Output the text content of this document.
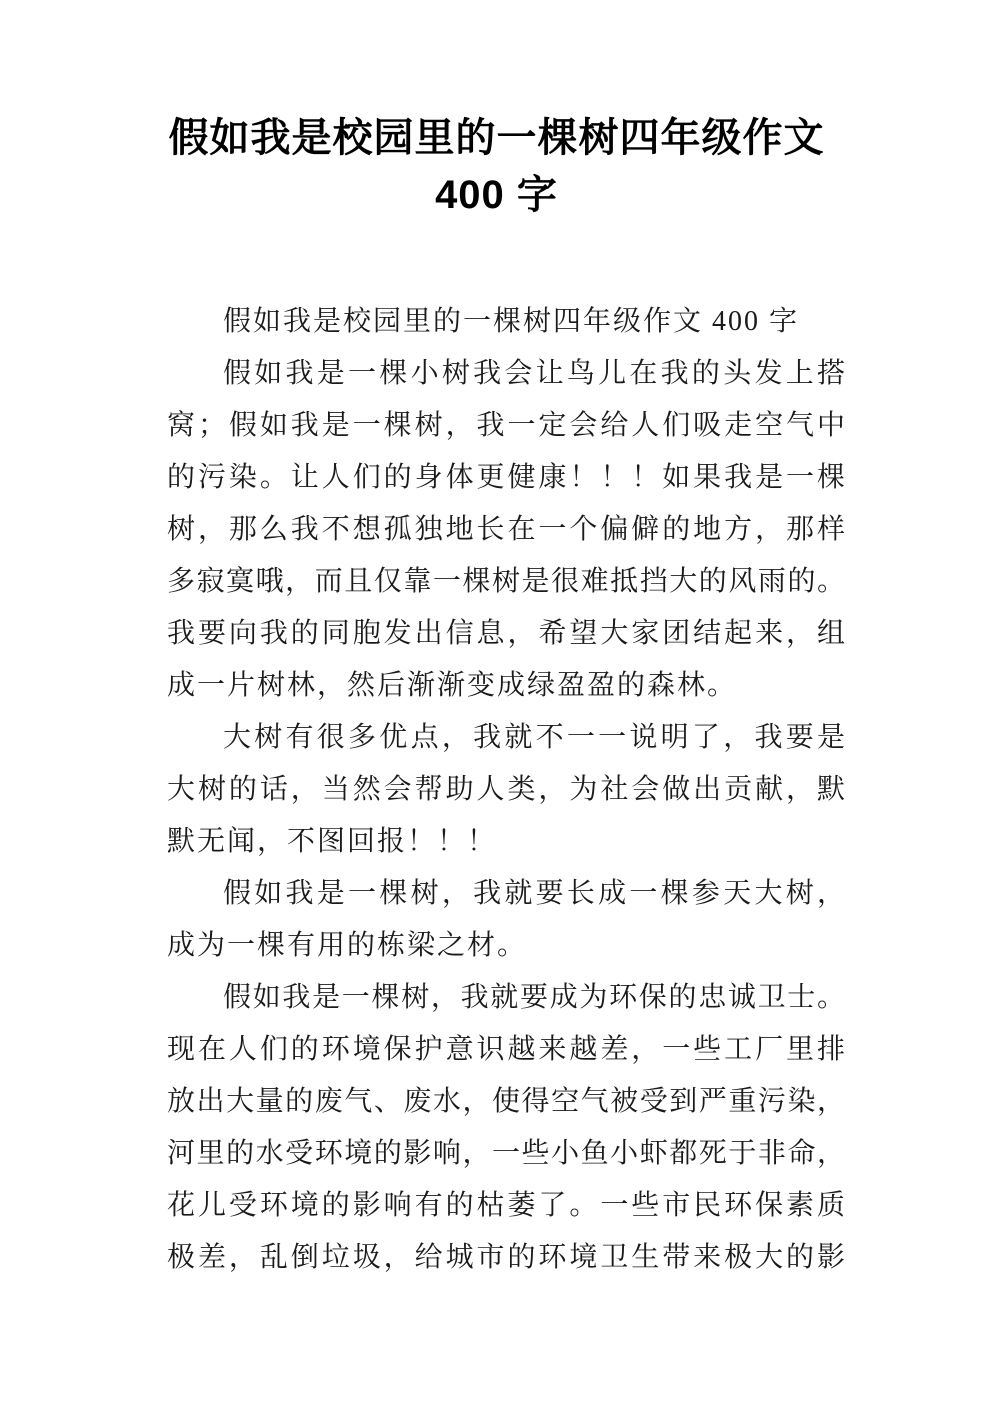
假如我是校园里的一棵树四年级作文
400 字
假如我是校园里的一棵树四年级作文 400 字
假如我是一棵小树我会让鸟儿在我的头发上搭
窝；假如我是一棵树，我一定会给人们吸走空气中
的污染。让人们的身体更健康！！！如果我是一棵
树，那么我不想孤独地长在一个偏僻的地方，那样
多寂寞哦，而且仅靠一棵树是很难抵挡大的风雨的。
我要向我的同胞发出信息，希望大家团结起来，组
成一片树林，然后渐渐变成绿盈盈的森林。
大树有很多优点，我就不一一说明了，我要是
大树的话，当然会帮助人类，为社会做出贡献，默
默无闻，不图回报！！！
假如我是一棵树，我就要长成一棵参天大树，
成为一棵有用的栋梁之材。
假如我是一棵树，我就要成为环保的忠诚卫士。
现在人们的环境保护意识越来越差，一些工厂里排
放出大量的废气、废水，使得空气被受到严重污染，
河里的水受环境的影响，一些小鱼小虾都死于非命，
花儿受环境的影响有的枯萎了。一些市民环保素质
极差，乱倒垃圾，给城市的环境卫生带来极大的影
